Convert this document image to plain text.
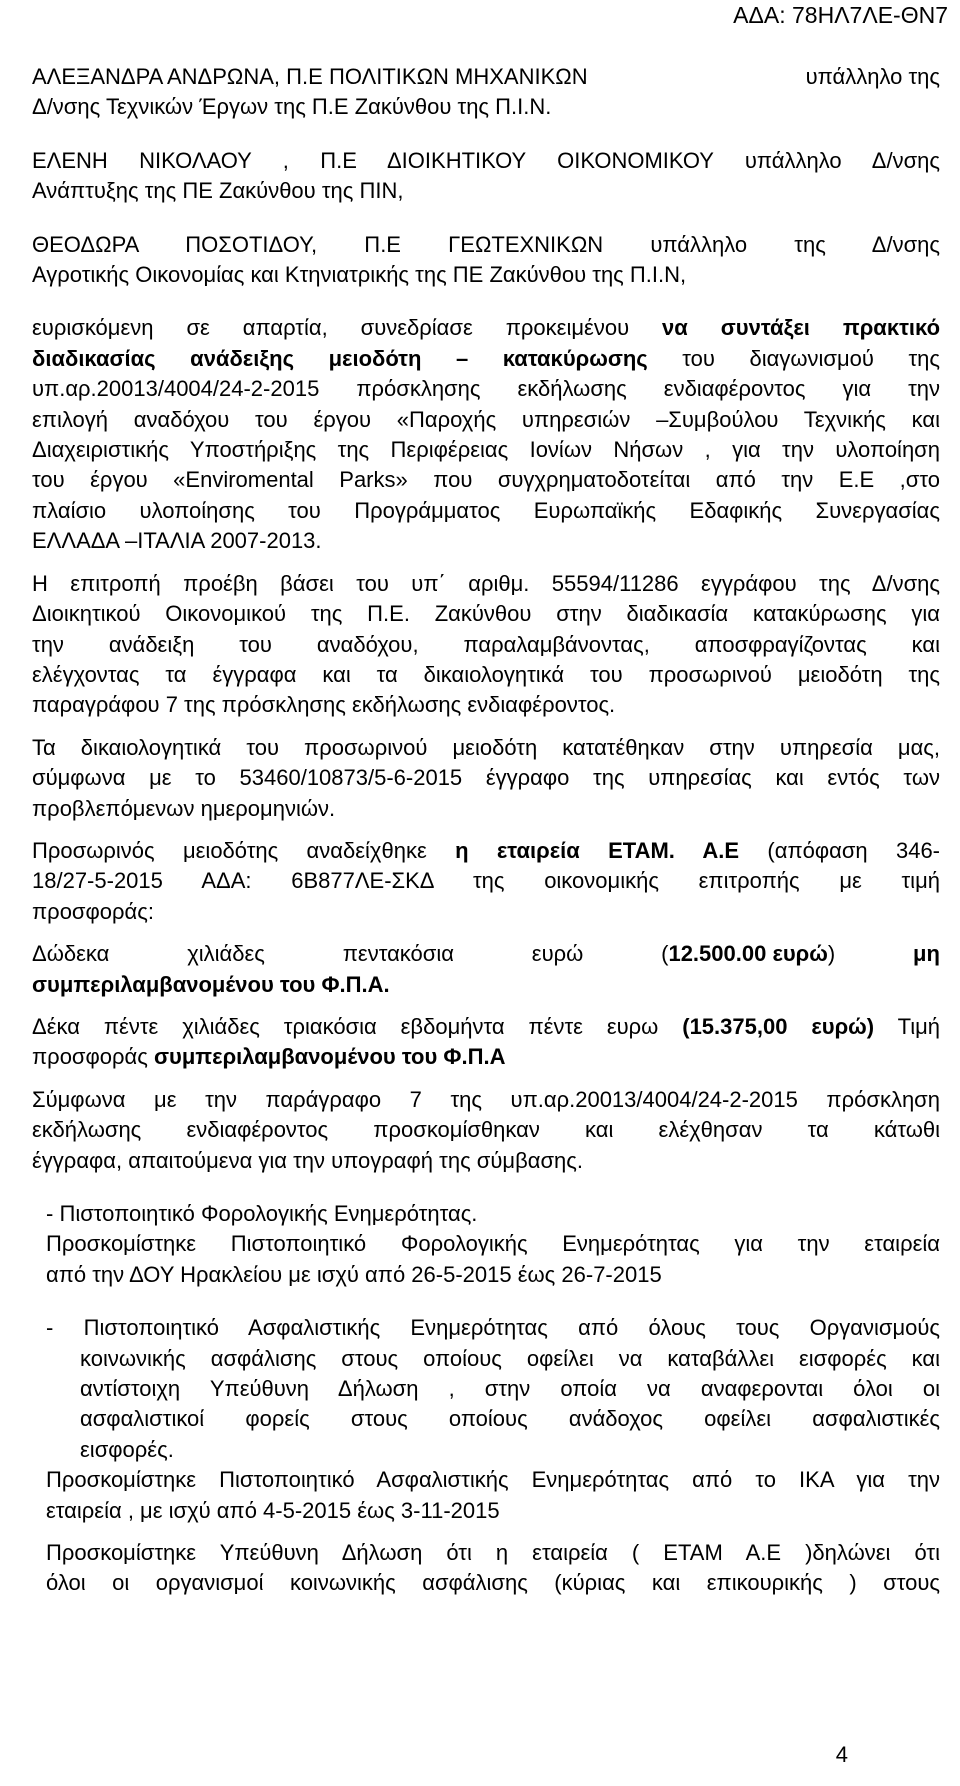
ΑΔΑ: 78ΗΛ7ΛΕ-ΘΝ7
ΑΛΕΞΑΝΔΡΑ ΑΝΔΡΩΝΑ, Π.Ε ΠΟΛΙΤΙΚΩΝ ΜΗΧΑΝΙΚΩΝ	υπάλληλο της
Δ/νσης Τεχνικών Έργων της Π.Ε Ζακύνθου της Π.Ι.Ν.
ΕΛΕΝΗ ΝΙΚΟΛΑΟΥ , Π.Ε ΔΙΟΙΚΗΤΙΚΟΥ ΟΙΚΟΝΟΜΙΚΟΥ υπάλληλο Δ/νσης
Ανάπτυξης της ΠΕ Ζακύνθου της ΠΙΝ,
ΘΕΟΔΩΡΑ ΠΟΣΟΤΙΔΟΥ, Π.Ε ΓΕΩΤΕΧΝΙΚΩΝ υπάλληλο της Δ/νσης
Αγροτικής Οικονομίας και Κτηνιατρικής της ΠΕ Ζακύνθου της Π.Ι.Ν,
ευρισκόμενη σε απαρτία, συνεδρίασε προκειμένου να συντάξει πρακτικό
διαδικασίας ανάδειξης μειοδότη – κατακύρωσης του διαγωνισμού της
υπ.αρ.20013/4004/24-2-2015 πρόσκλησης εκδήλωσης ενδιαφέροντος για την
επιλογή αναδόχου του έργου «Παροχής υπηρεσιών –Συμβούλου Τεχνικής και
Διαχειριστικής Υποστήριξης της Περιφέρειας Ιονίων Νήσων , για την υλοποίηση
του έργου «Enviromental Parks» που συγχρηματοδοτείται από την Ε.Ε ,στο
πλαίσιο υλοποίησης του Προγράμματος Ευρωπαϊκής Εδαφικής Συνεργασίας
ΕΛΛΑΔΑ –ΙΤΑΛΙΑ 2007-2013.
Η επιτροπή προέβη βάσει του υπ΄ αριθμ. 55594/11286 εγγράφου της Δ/νσης
Διοικητικού Οικονομικού της Π.Ε. Ζακύνθου στην διαδικασία κατακύρωσης για
την ανάδειξη του αναδόχου, παραλαμβάνοντας, αποσφραγίζοντας και
ελέγχοντας τα έγγραφα και τα δικαιολογητικά του προσωρινού μειοδότη της
παραγράφου 7 της πρόσκλησης εκδήλωσης ενδιαφέροντος.
Τα δικαιολογητικά του προσωρινού μειοδότη κατατέθηκαν στην υπηρεσία μας,
σύμφωνα με το 53460/10873/5-6-2015 έγγραφο της υπηρεσίας και εντός των
προβλεπόμενων ημερομηνιών.
Προσωρινός μειοδότης αναδείχθηκε η εταιρεία ΕΤΑΜ. Α.Ε (απόφαση 346-
18/27-5-2015 ΑΔΑ: 6Β877ΛΕ-ΣΚΔ της οικονομικής επιτροπής με τιμή
προσφοράς:
Δώδεκα	χιλιάδες	πεντακόσια	ευρώ	(12.500.00 ευρώ)	μη
συμπεριλαμβανομένου του Φ.Π.Α.
Δέκα πέντε χιλιάδες τριακόσια εβδομήντα πέντε ευρω (15.375,00 ευρώ) Τιμή
προσφοράς συμπεριλαμβανομένου του Φ.Π.Α
Σύμφωνα με την παράγραφο 7 της υπ.αρ.20013/4004/24-2-2015 πρόσκληση
εκδήλωσης ενδιαφέροντος προσκομίσθηκαν και ελέχθησαν τα κάτωθι
έγγραφα, απαιτούμενα για την υπογραφή της σύμβασης.
- Πιστοποιητικό Φορολογικής Ενημερότητας.
Προσκομίστηκε Πιστοποιητικό Φορολογικής Ενημερότητας για την εταιρεία
από την ΔΟΥ Ηρακλείου με ισχύ από 26-5-2015 έως 26-7-2015
- Πιστοποιητικό Ασφαλιστικής Ενημερότητας από όλους τους Οργανισμούς
κοινωνικής ασφάλισης στους οποίους οφείλει να καταβάλλει εισφορές και
αντίστοιχη Υπεύθυνη Δήλωση , στην οποία να αναφερονται όλοι οι
ασφαλιστικοί φορείς στους οποίους ανάδοχος οφείλει ασφαλιστικές
εισφορές.
Προσκομίστηκε Πιστοποιητικό Ασφαλιστικής Ενημερότητας από το ΙΚΑ για την
εταιρεία , με ισχύ από 4-5-2015 έως 3-11-2015
Προσκομίστηκε Υπεύθυνη Δήλωση ότι η εταιρεία ( ΕΤΑΜ Α.Ε )δηλώνει ότι
όλοι οι οργανισμοί κοινωνικής ασφάλισης (κύριας και επικουρικής ) στους
4
